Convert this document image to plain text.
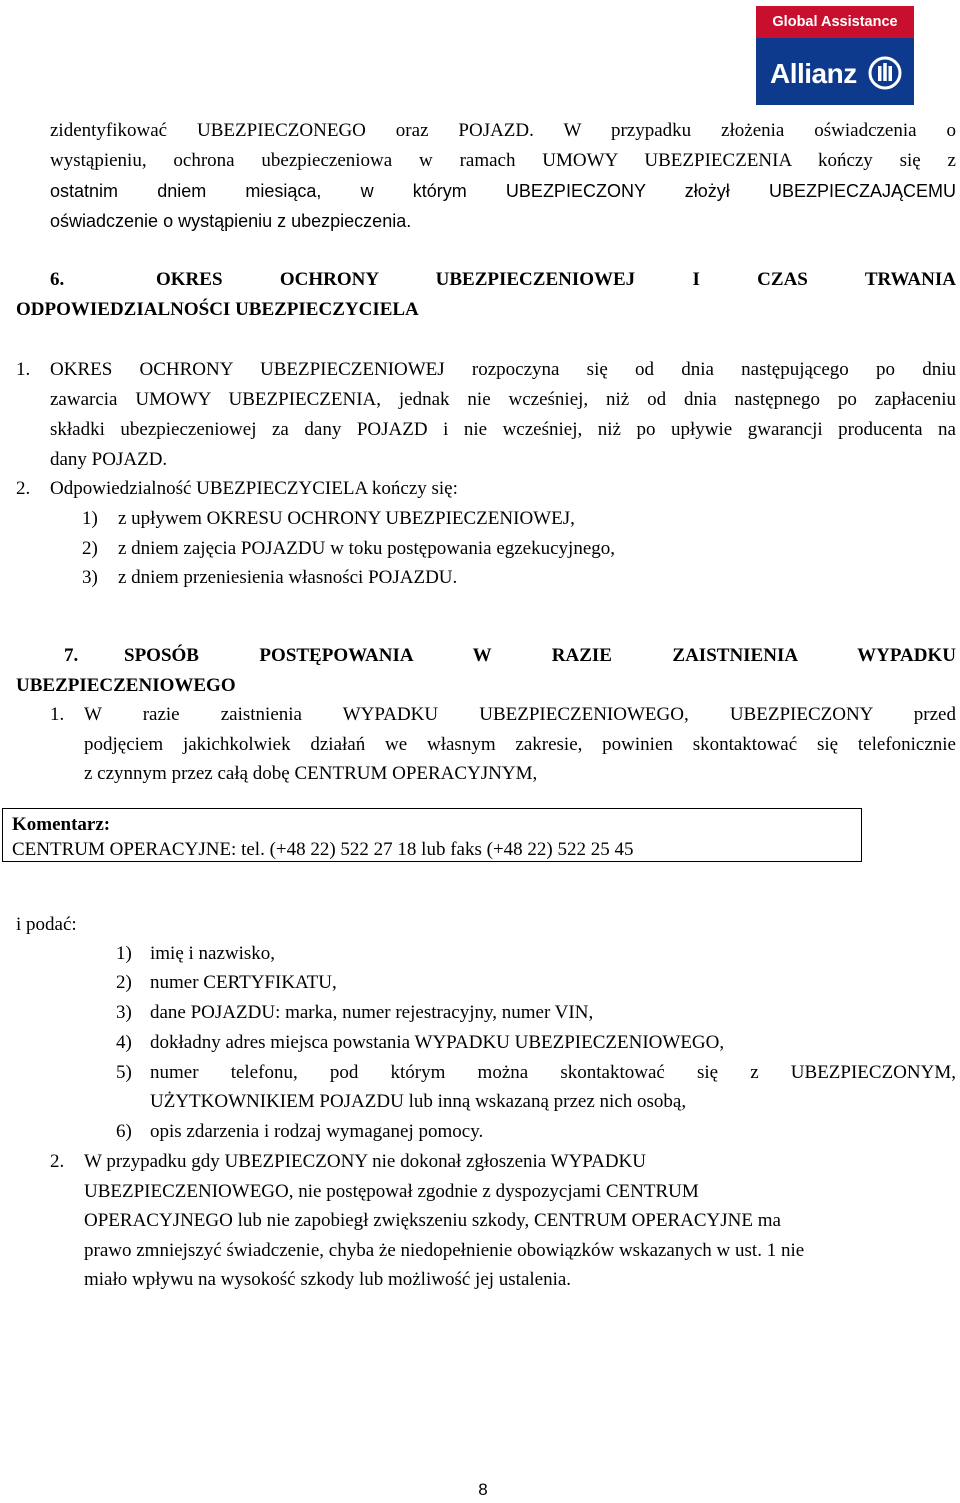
Global Assistance
Allianz
zidentyfikować UBEZPIECZONEGO oraz POJAZD. W przypadku złożenia oświadczenia o
wystąpieniu, ochrona ubezpieczeniowa w ramach UMOWY UBEZPIECZENIA kończy się z
ostatnim dniem miesiąca, w którym UBEZPIECZONY złożył UBEZPIECZAJĄCEMU
oświadczenie o wystąpieniu z ubezpieczenia.
6.	OKRES OCHRONY UBEZPIECZENIOWEJ I CZAS TRWANIA
ODPOWIEDZIALNOŚCI UBEZPIECZYCIELA
1. OKRES OCHRONY UBEZPIECZENIOWEJ rozpoczyna się od dnia następującego po dniu
zawarcia UMOWY UBEZPIECZENIA, jednak nie wcześniej, niż od dnia następnego po zapłaceniu
składki ubezpieczeniowej za dany POJAZD i nie wcześniej, niż po upływie gwarancji producenta na
dany POJAZD.
2. Odpowiedzialność UBEZPIECZYCIELA kończy się:
1) z upływem OKRESU OCHRONY UBEZPIECZENIOWEJ,
2) z dniem zajęcia POJAZDU w toku postępowania egzekucyjnego,
3) z dniem przeniesienia własności POJAZDU.
7. SPOSÓB POSTĘPOWANIA W RAZIE ZAISTNIENIA WYPADKU
UBEZPIECZENIOWEGO
1. W razie zaistnienia WYPADKU UBEZPIECZENIOWEGO, UBEZPIECZONY przed
podjęciem jakichkolwiek działań we własnym zakresie, powinien skontaktować się telefonicznie
z czynnym przez całą dobę CENTRUM OPERACYJNYM,
Komentarz:
CENTRUM OPERACYJNE: tel. (+48 22) 522 27 18 lub faks (+48 22) 522 25 45
i podać:
1) imię i nazwisko,
2) numer CERTYFIKATU,
3) dane POJAZDU: marka, numer rejestracyjny, numer VIN,
4) dokładny adres miejsca powstania WYPADKU UBEZPIECZENIOWEGO,
5) numer telefonu, pod którym można skontaktować się z UBEZPIECZONYM,
UŻYTKOWNIKIEM POJAZDU lub inną wskazaną przez nich osobą,
6) opis zdarzenia i rodzaj wymaganej pomocy.
2. W przypadku gdy UBEZPIECZONY nie dokonał zgłoszenia WYPADKU
UBEZPIECZENIOWEGO, nie postępował zgodnie z dyspozycjami CENTRUM
OPERACYJNEGO lub nie zapobiegł zwiększeniu szkody, CENTRUM OPERACYJNE ma
prawo zmniejszyć świadczenie, chyba że niedopełnienie obowiązków wskazanych w ust. 1 nie
miało wpływu na wysokość szkody lub możliwość jej ustalenia.
8
